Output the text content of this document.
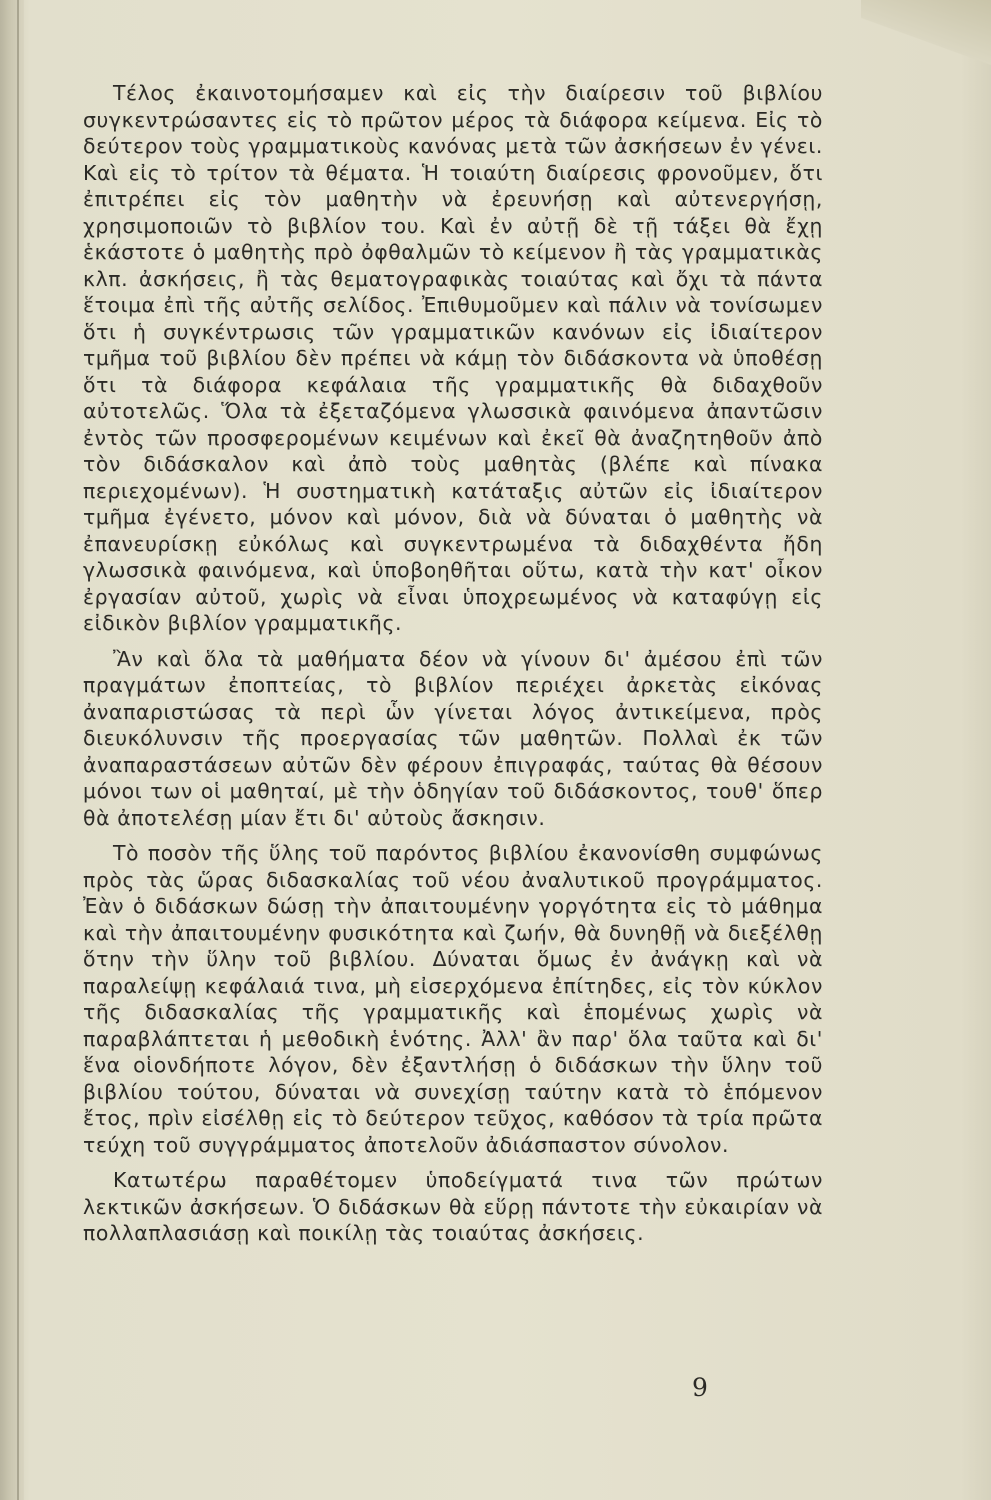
Τέλος ἐκαινοτομήσαμεν καὶ εἰς τὴν διαίρεσιν τοῦ βιβλίου συγκεντρώσαντες εἰς τὸ πρῶτον μέρος τὰ διάφορα κείμενα. Εἰς τὸ δεύτερον τοὺς γραμματικοὺς κανόνας μετὰ τῶν ἀσκήσεων ἐν γένει. Καὶ εἰς τὸ τρίτον τὰ θέματα. Ἡ τοιαύτη διαίρεσις φρονοῦμεν, ὅτι ἐπιτρέπει εἰς τὸν μαθητὴν νὰ ἐρευνήσῃ καὶ αὐτενεργήσῃ, χρησιμοποιῶν τὸ βιβλίον του. Καὶ ἐν αὐτῇ δὲ τῇ τάξει θὰ ἔχῃ ἑκάστοτε ὁ μαθητὴς πρὸ ὀφθαλμῶν τὸ κείμενον ἢ τὰς γραμματικὰς κλπ. ἀσκήσεις, ἢ τὰς θεματογραφικὰς τοιαύτας καὶ ὄχι τὰ πάντα ἕτοιμα ἐπὶ τῆς αὐτῆς σελίδος. Ἐπιθυμοῦμεν καὶ πάλιν νὰ τονίσωμεν ὅτι ἡ συγκέντρωσις τῶν γραμματικῶν κανόνων εἰς ἰδιαίτερον τμῆμα τοῦ βιβλίου δὲν πρέπει νὰ κάμῃ τὸν διδάσκοντα νὰ ὑποθέσῃ ὅτι τὰ διάφορα κεφάλαια τῆς γραμματικῆς θὰ διδαχθοῦν αὐτοτελῶς. Ὅλα τὰ ἐξεταζόμενα γλωσσικὰ φαινόμενα ἀπαντῶσιν ἐντὸς τῶν προσφερομένων κειμένων καὶ ἐκεῖ θὰ ἀναζητηθοῦν ἀπὸ τὸν διδάσκαλον καὶ ἀπὸ τοὺς μαθητὰς (βλέπε καὶ πίνακα περιεχομένων). Ἡ συστηματικὴ κατάταξις αὐτῶν εἰς ἰδιαίτερον τμῆμα ἐγένετο, μόνον καὶ μόνον, διὰ νὰ δύναται ὁ μαθητὴς νὰ ἐπανευρίσκῃ εὐκόλως καὶ συγκεντρωμένα τὰ διδαχθέντα ἤδη γλωσσικὰ φαινόμενα, καὶ ὑποβοηθῆται οὕτω, κατὰ τὴν κατ' οἶκον ἐργασίαν αὐτοῦ, χωρὶς νὰ εἶναι ὑποχρεωμένος νὰ καταφύγῃ εἰς εἰδικὸν βιβλίον γραμματικῆς.

Ἂν καὶ ὅλα τὰ μαθήματα δέον νὰ γίνουν δι' ἀμέσου ἐπὶ τῶν πραγμάτων ἐποπτείας, τὸ βιβλίον περιέχει ἀρκετὰς εἰκόνας ἀναπαριστώσας τὰ περὶ ὧν γίνεται λόγος ἀντικείμενα, πρὸς διευκόλυνσιν τῆς προεργασίας τῶν μαθητῶν. Πολλαὶ ἐκ τῶν ἀναπαραστάσεων αὐτῶν δὲν φέρουν ἐπιγραφάς, ταύτας θὰ θέσουν μόνοι των οἱ μαθηταί, μὲ τὴν ὁδηγίαν τοῦ διδάσκοντος, τουθ' ὅπερ θὰ ἀποτελέσῃ μίαν ἔτι δι' αὐτοὺς ἄσκησιν.

Τὸ ποσὸν τῆς ὕλης τοῦ παρόντος βιβλίου ἐκανονίσθη συμφώνως πρὸς τὰς ὥρας διδασκαλίας τοῦ νέου ἀναλυτικοῦ προγράμματος. Ἐὰν ὁ διδάσκων δώσῃ τὴν ἀπαιτουμένην γοργότητα εἰς τὸ μάθημα καὶ τὴν ἀπαιτουμένην φυσικότητα καὶ ζωήν, θὰ δυνηθῇ νὰ διεξέλθῃ ὅτην τὴν ὕλην τοῦ βιβλίου. Δύναται ὅμως ἐν ἀνάγκῃ καὶ νὰ παραλείψῃ κεφάλαιά τινα, μὴ εἰσερχόμενα ἐπίτηδες, εἰς τὸν κύκλον τῆς διδασκαλίας τῆς γραμματικῆς καὶ ἑπομένως χωρὶς νὰ παραβλάπτεται ἡ μεθοδικὴ ἑνότης. Ἀλλ' ἂν παρ' ὅλα ταῦτα καὶ δι' ἕνα οἱονδήποτε λόγον, δὲν ἐξαντλήσῃ ὁ διδάσκων τὴν ὕλην τοῦ βιβλίου τούτου, δύναται νὰ συνεχίσῃ ταύτην κατὰ τὸ ἑπόμενον ἔτος, πρὶν εἰσέλθῃ εἰς τὸ δεύτερον τεῦχος, καθόσον τὰ τρία πρῶτα τεύχη τοῦ συγγράμματος ἀποτελοῦν ἀδιάσπαστον σύνολον.

Κατωτέρω παραθέτομεν ὑποδείγματά τινα τῶν πρώτων λεκτικῶν ἀσκήσεων. Ὁ διδάσκων θὰ εὕρῃ πάντοτε τὴν εὐκαιρίαν νὰ πολλαπλασιάσῃ καὶ ποικίλῃ τὰς τοιαύτας ἀσκήσεις.

9
